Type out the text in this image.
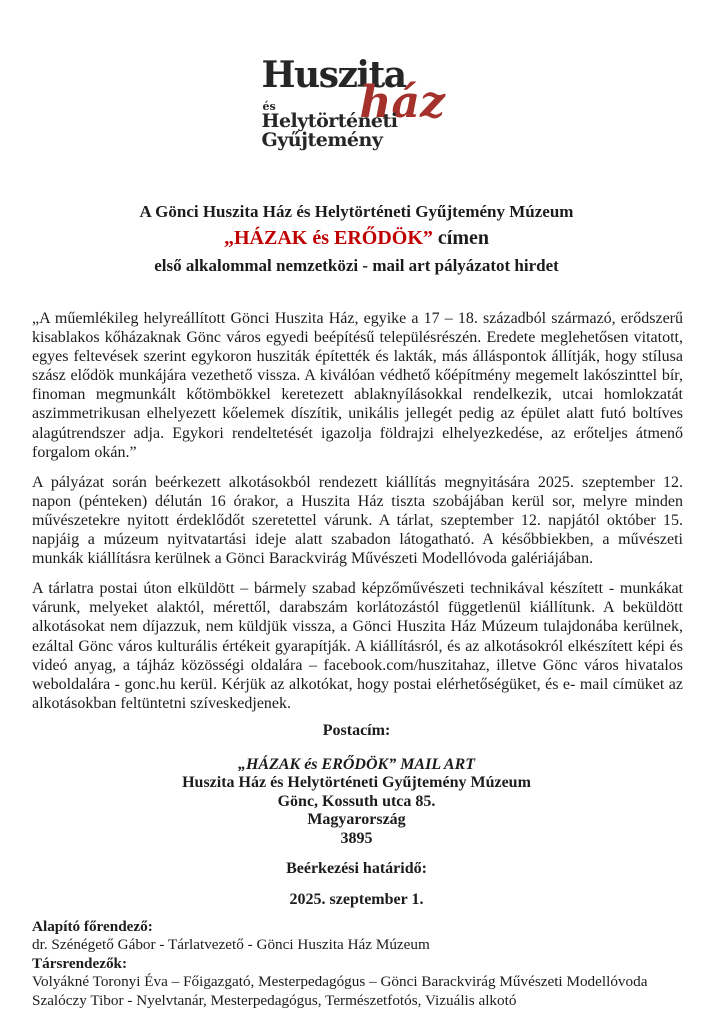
Huszita
ház
és
Helytörténeti
Gyűjtemény
A Gönci Huszita Ház és Helytörténeti Gyűjtemény Múzeum
„HÁZAK és ERŐDÖK” címen
első alkalommal nemzetközi - mail art pályázatot hirdet

„A műemlékileg helyreállított Gönci Huszita Ház, egyike a 17 – 18. századból származó, erődszerű kisablakos kőházaknak Gönc város egyedi beépítésű településrészén. Eredete meglehetősen vitatott, egyes feltevések szerint egykoron husziták építették és lakták, más álláspontok állítják, hogy stílusa szász elődök munkájára vezethető vissza. A kiválóan védhető kőépítmény megemelt lakószinttel bír, finoman megmunkált kőtömbökkel keretezett ablaknyílásokkal rendelkezik, utcai homlokzatát aszimmetrikusan elhelyezett kőelemek díszítik, unikális jellegét pedig az épület alatt futó boltíves alagútrendszer adja. Egykori rendeltetését igazolja földrajzi elhelyezkedése, az erőteljes átmenő forgalom okán.”

A pályázat során beérkezett alkotásokból rendezett kiállítás megnyitására 2025. szeptember 12. napon (pénteken) délután 16 órakor, a Huszita Ház tiszta szobájában kerül sor, melyre minden művészetekre nyitott érdeklődőt szeretettel várunk. A tárlat, szeptember 12. napjától október 15. napjáig a múzeum nyitvatartási ideje alatt szabadon látogatható. A későbbiekben, a művészeti munkák kiállításra kerülnek a Gönci Barackvirág Művészeti Modellóvoda galériájában.

A tárlatra postai úton elküldött – bármely szabad képzőművészeti technikával készített - munkákat várunk, melyeket alaktól, mérettől, darabszám korlátozástól függetlenül kiállítunk. A beküldött alkotásokat nem díjazzuk, nem küldjük vissza, a Gönci Huszita Ház Múzeum tulajdonába kerülnek, ezáltal Gönc város kulturális értékeit gyarapítják. A kiállításról, és az alkotásokról elkészített képi és videó anyag, a tájház közösségi oldalára – facebook.com/huszitahaz, illetve Gönc város hivatalos weboldalára - gonc.hu kerül. Kérjük az alkotókat, hogy postai elérhetőségüket, és e- mail címüket az alkotásokban feltüntetni szíveskedjenek.

Postacím:
„HÁZAK és ERŐDÖK” MAIL ART
Huszita Ház és Helytörténeti Gyűjtemény Múzeum
Gönc, Kossuth utca 85.
Magyarország
3895
Beérkezési határidő:
2025. szeptember 1.
Alapító főrendező:
dr. Szénégető Gábor - Tárlatvezető - Gönci Huszita Ház Múzeum
Társrendezők:
Volyákné Toronyi Éva – Főigazgató, Mesterpedagógus – Gönci Barackvirág Művészeti Modellóvoda
Szalóczy Tibor - Nyelvtanár, Mesterpedagógus, Természetfotós, Vizuális alkotó
